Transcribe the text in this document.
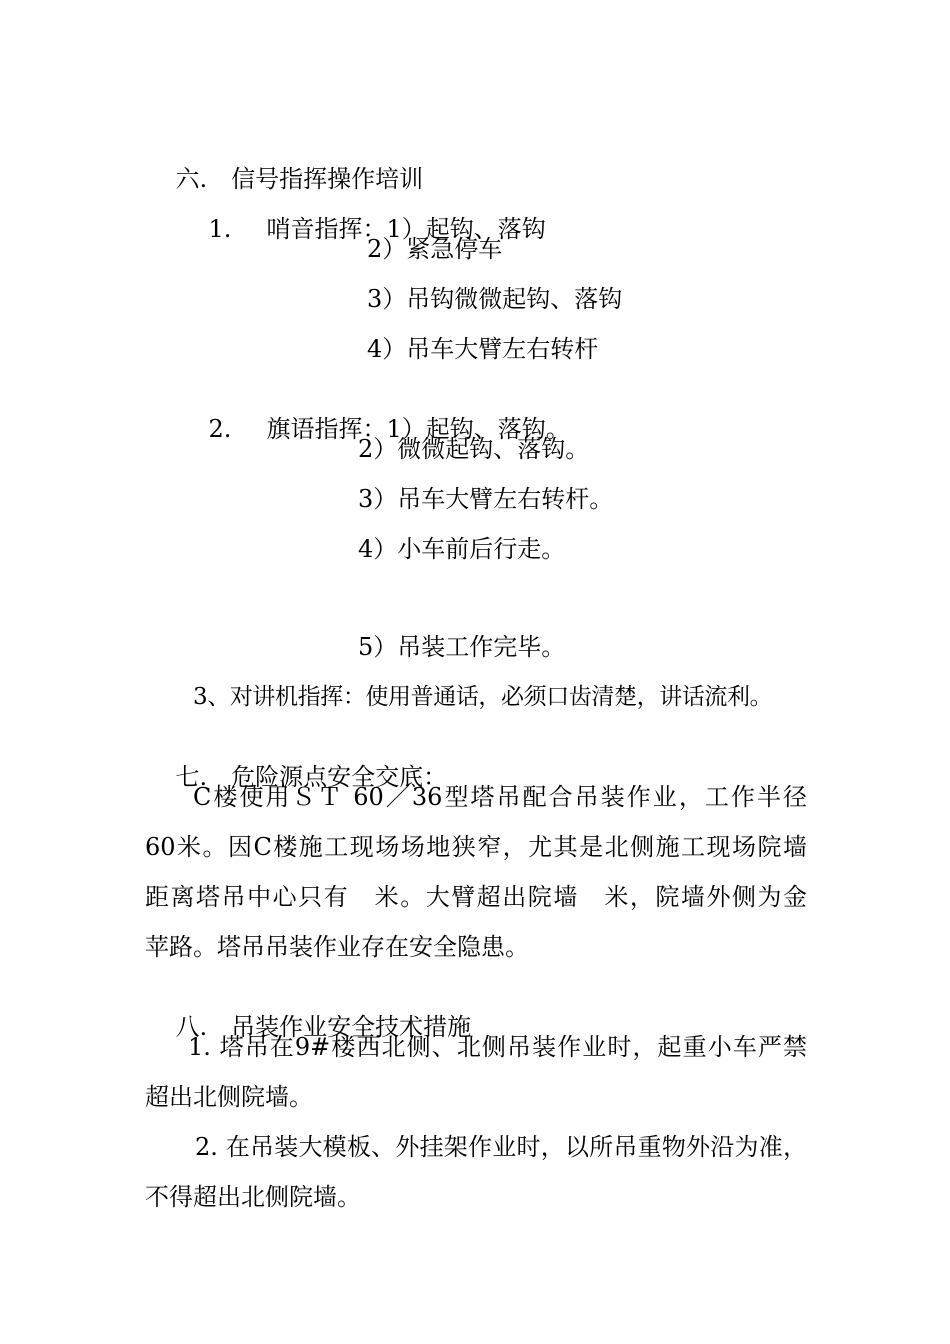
六. 信号指挥操作培训

1. 哨音指挥：1）起钩、落钩

2）紧急停车
3）吊钩微微起钩、落钩
4）吊车大臂左右转杆

2. 旗语指挥：1）起钩、落钩。

2）微微起钩、落钩。
3）吊车大臂左右转杆。
4）小车前后行走。
5）吊装工作完毕。
3、对讲机指挥：使用普通话，必须口齿清楚，讲话流利。

七. 危险源点安全交底：

C楼使用ＳＴ 60／36型塔吊配合吊装作业，工作半径
60米。因C楼施工现场场地狭窄，尤其是北侧施工现场院墙
距离塔吊中心只有　米。大臂超出院墙　米，院墙外侧为金
苹路。塔吊吊装作业存在安全隐患。

八. 吊装作业安全技术措施

1. 塔吊在9#楼西北侧、北侧吊装作业时，起重小车严禁
超出北侧院墙。
2. 在吊装大模板、外挂架作业时，以所吊重物外沿为准，
不得超出北侧院墙。
